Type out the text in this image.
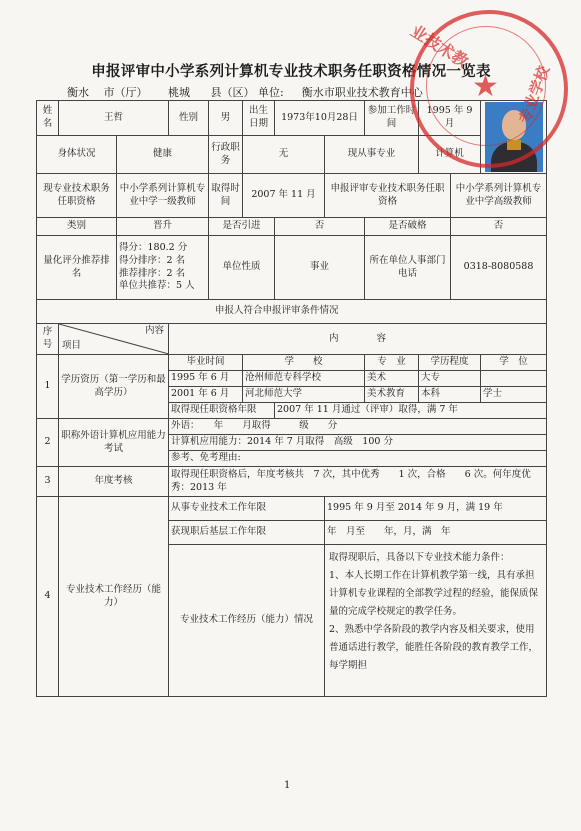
申报评审中小学系列计算机专业技术职务任职资格情况一览表
衡水 市（厅） 桃城 县（区） 单位: 衡水市职业技术教育中心
姓名	王哲		性别	男	出生日期	1973年10月28日		参加工作时间	1995 年 9 月		

身体状况		健康		行政职务	无		现从事专业		计算机		
现专业技术职务任职资格		中小学系列计算机专业中学一级教师		取得时间	2007 年 11 月		申报评审专业技术职务任职资格			中小学系列计算机专业中学高级教师	
类别		晋升		是否引进		否		是否破格		否	
量化评分推荐排名		得分：180.2 分
得分排序：2 名
推荐排序：2 名
单位共推荐：5 人		单位性质		事业		所在单位人事部门电话		0318-8080588	
申报人符合申报评审条件情况											
序号	内容
项目		内　　　　容								
1	学历资历（第一学历和最高学历）		毕业时间		学　　校			专　业	学历程度		学　位
			1995 年 6 月		沧州师范专科学校			美术	大专		
			2001 年 6 月		河北师范大学			美术教育	本科		学士
			取得现任职资格年限			2007 年 11 月通过（评审）取得，满 7 年					
2	职称外语计算机应用能力考试		外语：　　年　　月取得　　　级　　分								
			计算机应用能力：2014 年 7 月取得　高级　100 分								
			参考、免考理由:								
3	年度考核		取得现任职资格后，年度考核共　7 次，其中优秀　　1 次，合格　　6 次。何年度优秀：2013 年								
4	专业技术工作经历（能力）		从事专业技术工作年限				1995 年 9 月至 2014 年 9 月，满 19 年				
			获现职后基层工作年限				年　月至　　年，月，满　年				
			专业技术工作经历（能力）情况				取得现职后，具备以下专业技术能力条件：
1、本人长期工作在计算机教学第一线，具有承担计算机专业课程的全部教学过程的经验，能保质保量的完成学校规定的教学任务。
2、熟悉中学各阶段的教学内容及相关要求，使用普通话进行教学，能胜任各阶段的教育教学工作，每学期担				
业技术教
专业学校
★
1
